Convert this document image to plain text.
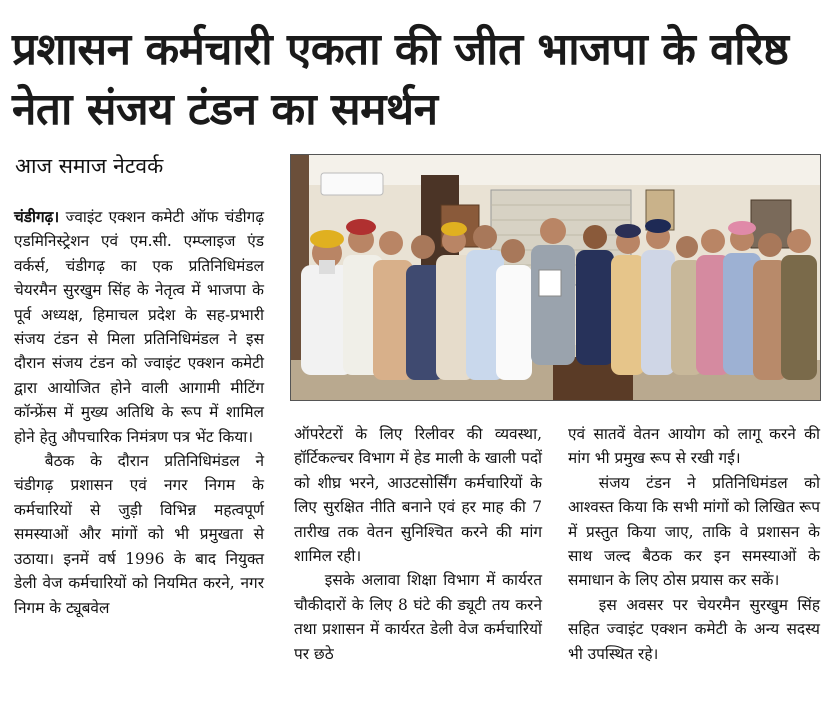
प्रशासन कर्मचारी एकता की जीत भाजपा के वरिष्ठ नेता संजय टंडन का समर्थन
आज समाज नेटवर्क

चंडीगढ़। ज्वाइंट एक्शन कमेटी ऑफ चंडीगढ़ एडमिनिस्ट्रेशन एवं एम.सी. एम्प्लाइज एंड वर्कर्स, चंडीगढ़ का एक प्रतिनिधिमंडल चेयरमैन सुरखुम सिंह के नेतृत्व में भाजपा के पूर्व अध्यक्ष, हिमाचल प्रदेश के सह-प्रभारी संजय टंडन से मिला प्रतिनिधिमंडल ने इस दौरान संजय टंडन को ज्वाइंट एक्शन कमेटी द्वारा आयोजित होने वाली आगामी मीटिंग कॉन्फ्रेंस में मुख्य अतिथि के रूप में शामिल होने हेतु औपचारिक निमंत्रण पत्र भेंट किया।

बैठक के दौरान प्रतिनिधिमंडल ने चंडीगढ़ प्रशासन एवं नगर निगम के कर्मचारियों से जुड़ी विभिन्न महत्वपूर्ण समस्याओं और मांगों को भी प्रमुखता से उठाया। इनमें वर्ष 1996 के बाद नियुक्त डेली वेज कर्मचारियों को नियमित करने, नगर निगम के ट्यूबवेल

ऑपरेटरों के लिए रिलीवर की व्यवस्था, हॉर्टिकल्चर विभाग में हेड माली के खाली पदों को शीघ्र भरने, आउटसोर्सिंग कर्मचारियों के लिए सुरक्षित नीति बनाने एवं हर माह की 7 तारीख तक वेतन सुनिश्चित करने की मांग शामिल रही।

इसके अलावा शिक्षा विभाग में कार्यरत चौकीदारों के लिए 8 घंटे की ड्यूटी तय करने तथा प्रशासन में कार्यरत डेली वेज कर्मचारियों पर छठे

एवं सातवें वेतन आयोग को लागू करने की मांग भी प्रमुख रूप से रखी गई।

संजय टंडन ने प्रतिनिधिमंडल को आश्वस्त किया कि सभी मांगों को लिखित रूप में प्रस्तुत किया जाए, ताकि वे प्रशासन के साथ जल्द बैठक कर इन समस्याओं के समाधान के लिए ठोस प्रयास कर सकें।

इस अवसर पर चेयरमैन सुरखुम सिंह सहित ज्वाइंट एक्शन कमेटी के अन्य सदस्य भी उपस्थित रहे।
